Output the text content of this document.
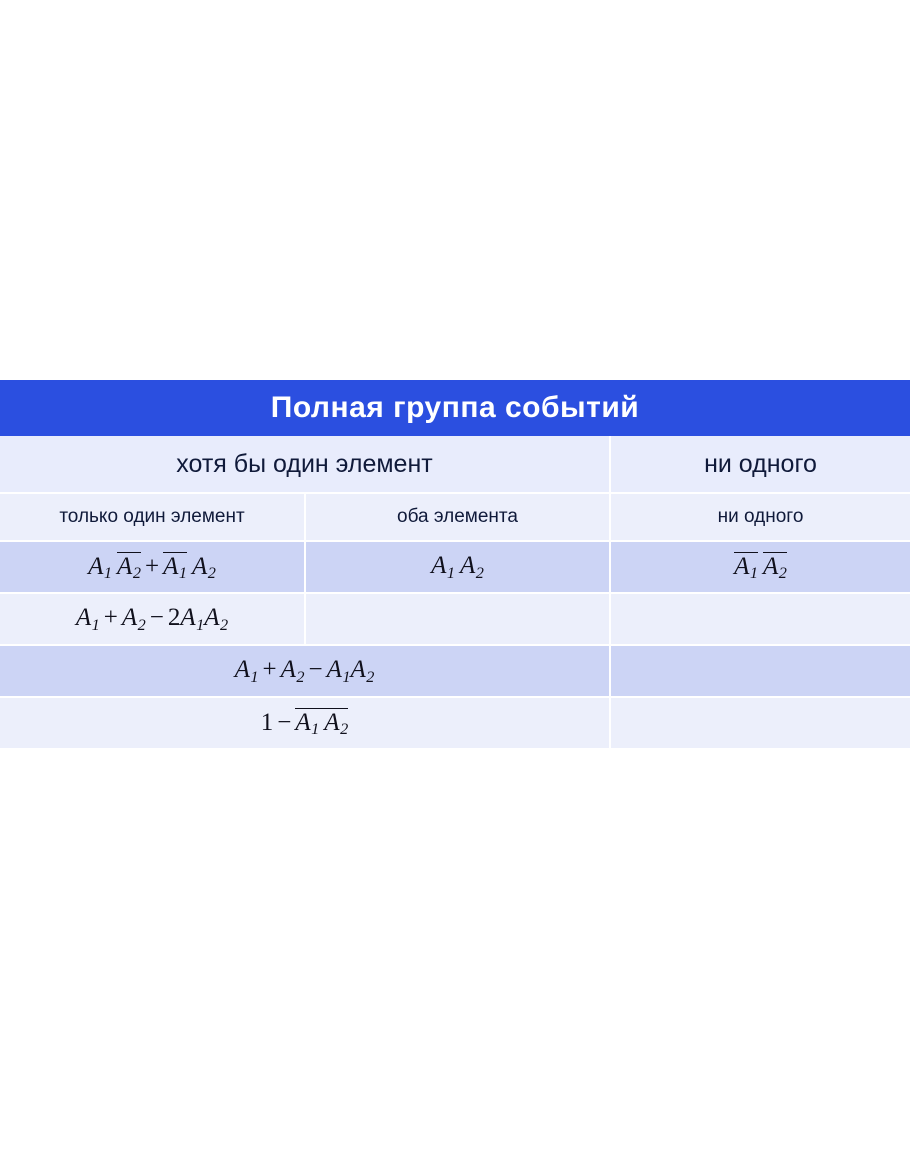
Полная группа событий		
хотя бы один элемент		ни одного
только один элемент	оба элемента	ни одного
$A_1$  $A_2 + A_1$ $A_2$	$A_1$ $A_2$	$A_1$  $A_2$
$A_1 + A_2 - 2A_1A_2$		
$A_1 + A_2 - A_1A_2$	
$1 - A_1$ $A_2$	
